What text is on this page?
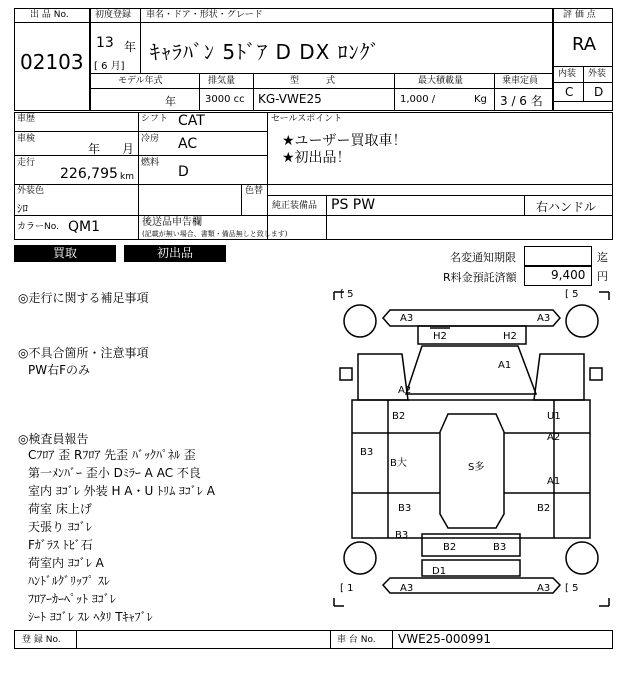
出 品 No.
02103
初度登録 車名・ドア・形状・グレード
13 年
[ 6 月]
ｷｬﾗﾊﾞﾝ 5ﾄﾞｱ D DX ﾛﾝｸﾞ
評 価 点
RA
内装 外装
C D
モデル年式	排気量	型　　　式	最大積載量	乗車定員
年	3000 cc KG-VWE25	1,000 /	Kg 3 / 6 名
車歴
車検
年 月
走行
226,795 km
シフト CAT
冷房 AC
燃料
D
セールスポイント
★ユーザー買取車！
★初出品！
外装色
ｼﾛ
色替
純正装備品 PS PW	右ハンドル
カラーNo. QM1	後送品申告欄
(記載が無い場合、書類・備品無しと致します)
買取	初出品	名変通知期限	迄
R料金預託済額	9,400 円
◎走行に関する補足事項
◎不具合箇所・注意事項
PW右Fのみ
◎検査員報告
Cﾌﾛｱ 歪 Rﾌﾛｱ 先歪 ﾊﾞｯｸﾊﾟﾈﾙ 歪
第一ﾒﾝﾊﾞｰ 歪小 Dﾐﾗｰ A AC 不良
室内 ﾖｺﾞﾚ 外装 H A・U ﾄﾘﾑ ﾖｺﾞﾚ A
荷室 床上げ
天張り ﾖｺﾞﾚ
Fｶﾞﾗｽ ﾄﾋﾞ石
荷室内 ﾖｺﾞﾚ A
ﾊﾝﾄﾞﾙｸﾞﾘｯﾌﾟ ｽﾚ
ﾌﾛｱｰｶｰﾍﾟｯﾄ ﾖｺﾞﾚ
ｼｰﾄ ﾖｺﾞﾚ ｽﾚ ﾍﾀﾘ Tｷｬﾌﾞﾚ
[ 5	[ 5
[ 1	[ 5
A3	A3
H2	H2
A1
A2
B2	U1
A2
B3
B大	S多
A1
B3	B2
B3
B2	B3
D1
A3	A3
登 録 No.	車 台 No. VWE25-000991
